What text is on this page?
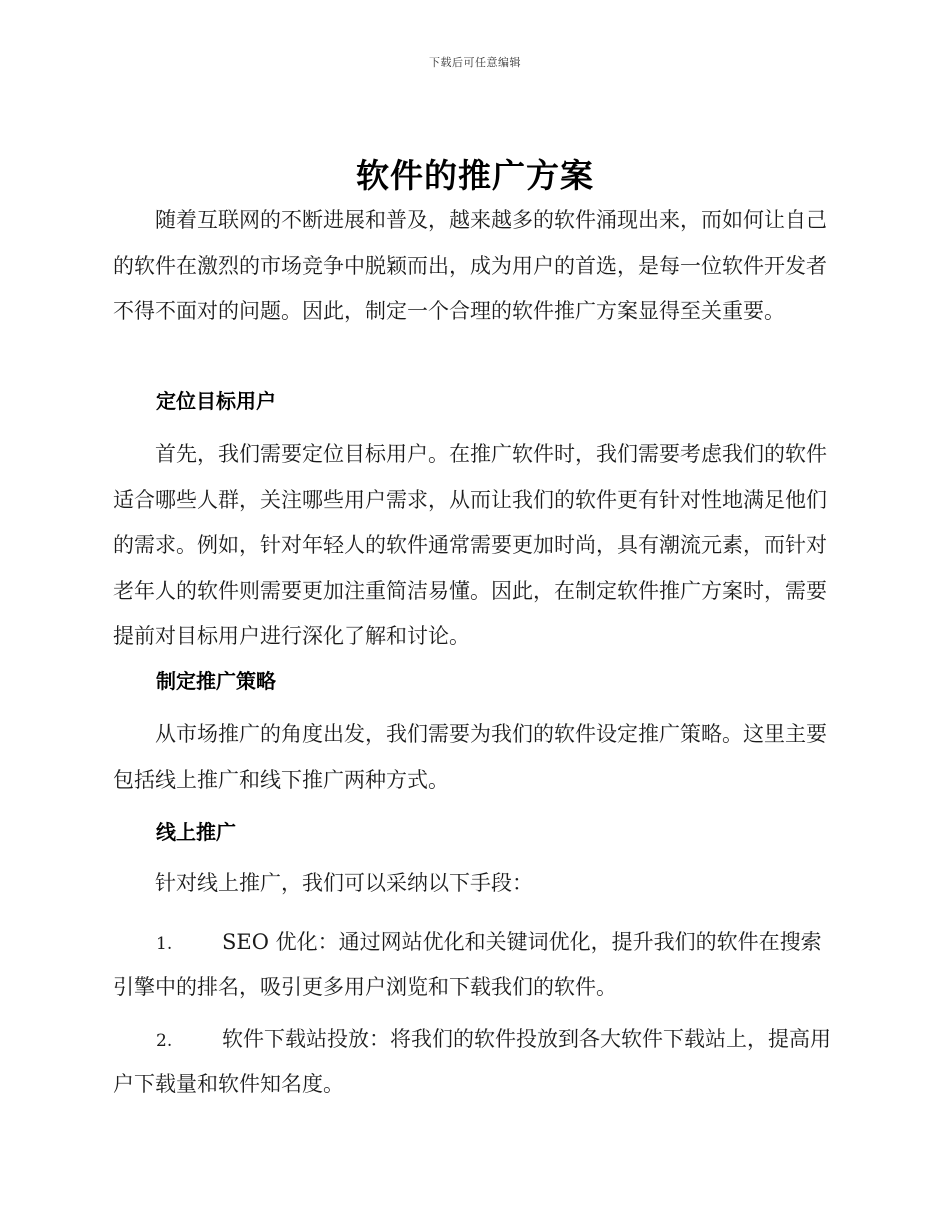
下载后可任意编辑
软件的推广方案

随着互联网的不断进展和普及，越来越多的软件涌现出来，而如何让自己的软件在激烈的市场竞争中脱颖而出，成为用户的首选，是每一位软件开发者不得不面对的问题。因此，制定一个合理的软件推广方案显得至关重要。

定位目标用户

首先，我们需要定位目标用户。在推广软件时，我们需要考虑我们的软件适合哪些人群，关注哪些用户需求，从而让我们的软件更有针对性地满足他们的需求。例如，针对年轻人的软件通常需要更加时尚，具有潮流元素，而针对老年人的软件则需要更加注重简洁易懂。因此，在制定软件推广方案时，需要提前对目标用户进行深化了解和讨论。

制定推广策略

从市场推广的角度出发，我们需要为我们的软件设定推广策略。这里主要包括线上推广和线下推广两种方式。

线上推广

针对线上推广，我们可以采纳以下手段：

1. SEO 优化：通过网站优化和关键词优化，提升我们的软件在搜索引擎中的排名，吸引更多用户浏览和下载我们的软件。

2. 软件下载站投放：将我们的软件投放到各大软件下载站上，提高用户下载量和软件知名度。
